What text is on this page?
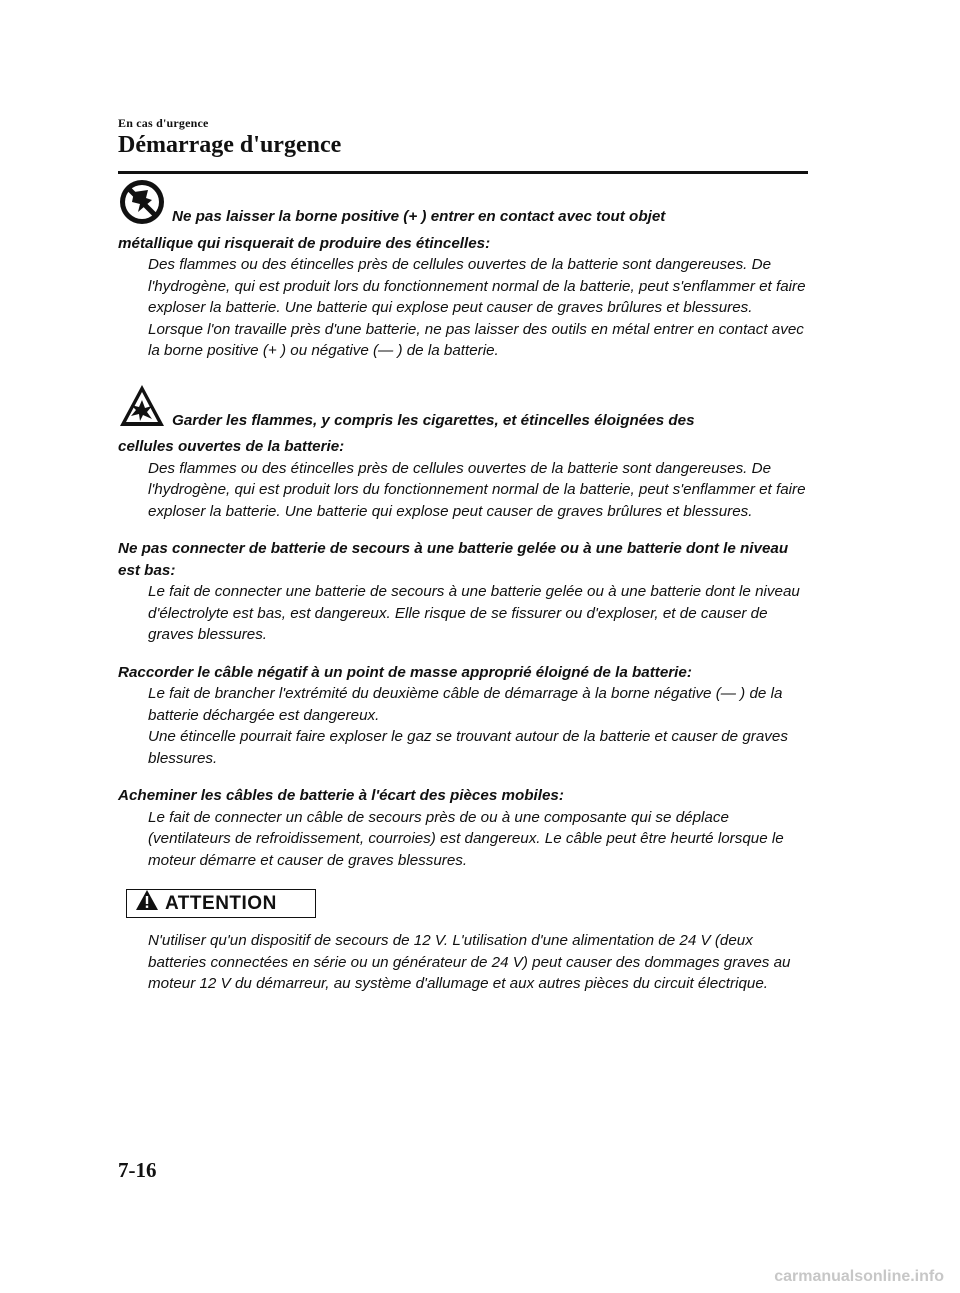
En cas d'urgence
Démarrage d'urgence

Ne pas laisser la borne positive (+ ) entrer en contact avec tout objet

métallique qui risquerait de produire des étincelles:

Des flammes ou des étincelles près de cellules ouvertes de la batterie sont dangereuses. De l'hydrogène, qui est produit lors du fonctionnement normal de la batterie, peut s'enflammer et faire exploser la batterie. Une batterie qui explose peut causer de graves brûlures et blessures. Lorsque l'on travaille près d'une batterie, ne pas laisser des outils en métal entrer en contact avec la borne positive (+ ) ou négative (— ) de la batterie.

Garder les flammes, y compris les cigarettes, et étincelles éloignées des

cellules ouvertes de la batterie:

Des flammes ou des étincelles près de cellules ouvertes de la batterie sont dangereuses. De l'hydrogène, qui est produit lors du fonctionnement normal de la batterie, peut s'enflammer et faire exploser la batterie. Une batterie qui explose peut causer de graves brûlures et blessures.

Ne pas connecter de batterie de secours à une batterie gelée ou à une batterie dont le niveau est bas:

Le fait de connecter une batterie de secours à une batterie gelée ou à une batterie dont le niveau d'électrolyte est bas, est dangereux. Elle risque de se fissurer ou d'exploser, et de causer de graves blessures.

Raccorder le câble négatif à un point de masse approprié éloigné de la batterie:

Le fait de brancher l'extrémité du deuxième câble de démarrage à la borne négative (— ) de la batterie déchargée est dangereux.

Une étincelle pourrait faire exploser le gaz se trouvant autour de la batterie et causer de graves blessures.

Acheminer les câbles de batterie à l'écart des pièces mobiles:

Le fait de connecter un câble de secours près de ou à une composante qui se déplace (ventilateurs de refroidissement, courroies) est dangereux. Le câble peut être heurté lorsque le moteur démarre et causer de graves blessures.

ATTENTION

N'utiliser qu'un dispositif de secours de 12 V. L'utilisation d'une alimentation de 24 V (deux batteries connectées en série ou un générateur de 24 V) peut causer des dommages graves au moteur 12 V du démarreur, au système d'allumage et aux autres pièces du circuit électrique.

7-16
carmanualsonline.info
